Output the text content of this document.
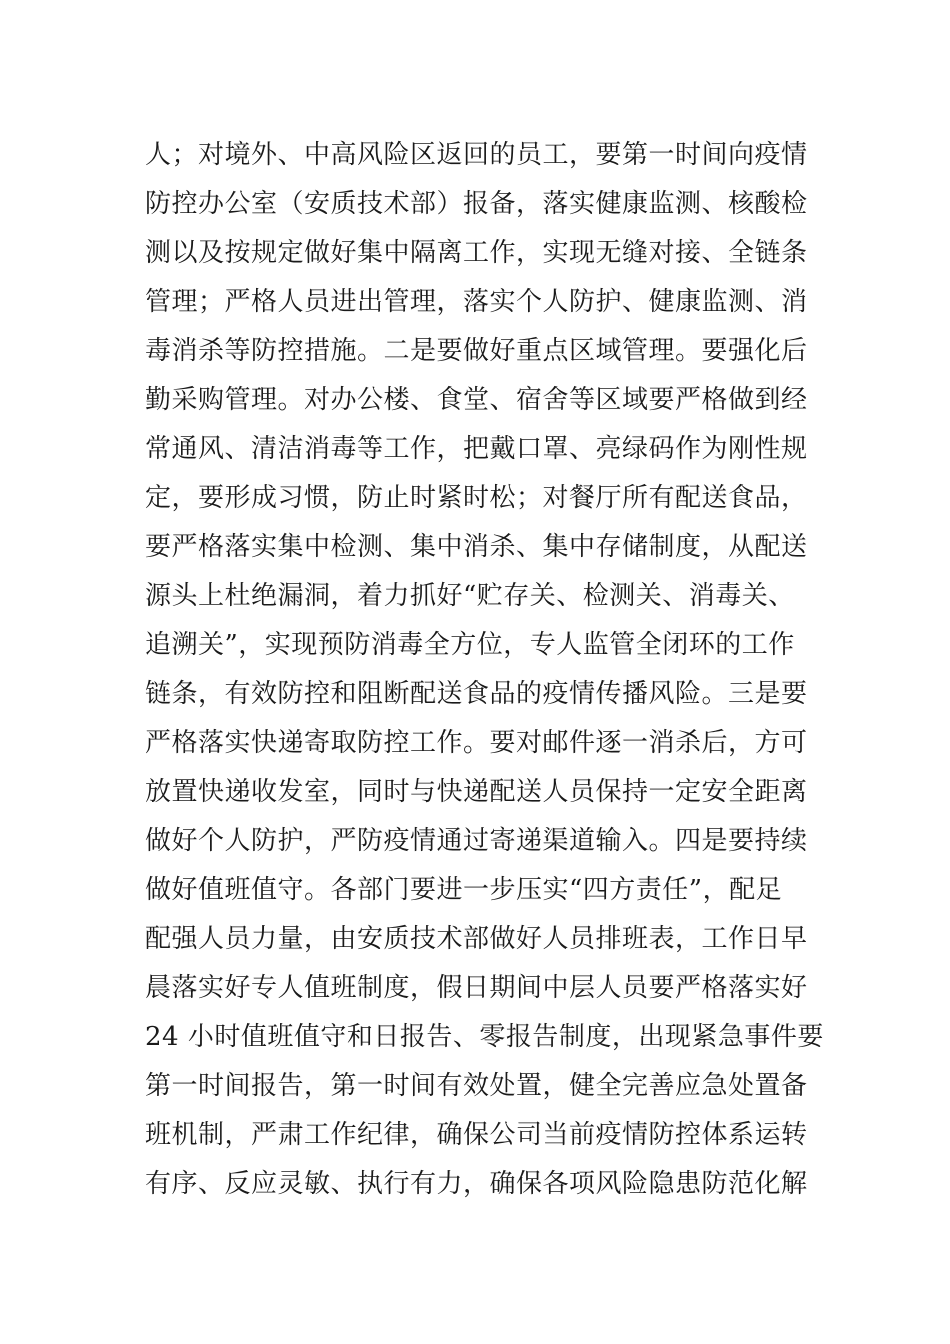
人；对境外、中高风险区返回的员工，要第一时间向疫情
防控办公室（安质技术部）报备，落实健康监测、核酸检
测以及按规定做好集中隔离工作，实现无缝对接、全链条
管理；严格人员进出管理，落实个人防护、健康监测、消
毒消杀等防控措施。二是要做好重点区域管理。要强化后
勤采购管理。对办公楼、食堂、宿舍等区域要严格做到经
常通风、清洁消毒等工作，把戴口罩、亮绿码作为刚性规
定，要形成习惯，防止时紧时松；对餐厅所有配送食品，
要严格落实集中检测、集中消杀、集中存储制度，从配送
源头上杜绝漏洞，着力抓好“贮存关、检测关、消毒关、
追溯关”，实现预防消毒全方位，专人监管全闭环的工作
链条，有效防控和阻断配送食品的疫情传播风险。三是要
严格落实快递寄取防控工作。要对邮件逐一消杀后，方可
放置快递收发室，同时与快递配送人员保持一定安全距离
做好个人防护，严防疫情通过寄递渠道输入。四是要持续
做好值班值守。各部门要进一步压实“四方责任”，配足
配强人员力量，由安质技术部做好人员排班表，工作日早
晨落实好专人值班制度，假日期间中层人员要严格落实好
24 小时值班值守和日报告、零报告制度，出现紧急事件要
第一时间报告，第一时间有效处置，健全完善应急处置备
班机制，严肃工作纪律，确保公司当前疫情防控体系运转
有序、反应灵敏、执行有力，确保各项风险隐患防范化解
